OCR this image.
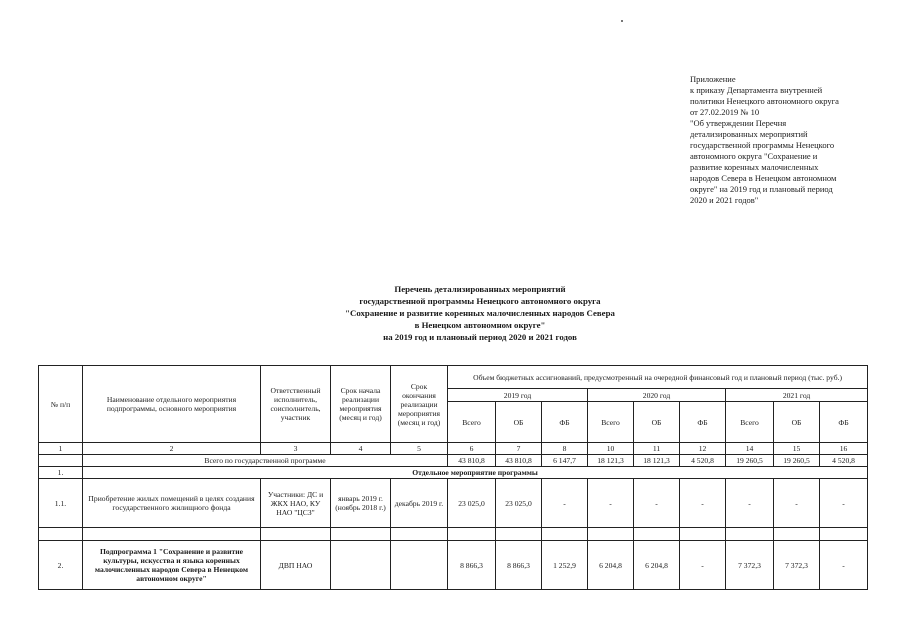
Приложение
к приказу Департамента внутренней
политики Ненецкого автономного округа
от 27.02.2019 № 10
"Об утверждении Перечня
детализированных мероприятий
государственной программы Ненецкого
автономного округа "Сохранение и
развитие коренных малочисленных
народов Севера в Ненецком автономном
округе" на 2019 год и плановый период
2020 и 2021 годов"
Перечень детализированных мероприятий
государственной программы Ненецкого автономного округа
"Сохранение и развитие коренных малочисленных народов Севера
в Ненецком автономном округе"
на 2019 год и плановый период 2020 и 2021 годов
№ п/п	Наименование отдельного мероприятия подпрограммы, основного мероприятия	Ответственный исполнитель, соисполнитель, участник	Срок начала реализации мероприятия (месяц и год)	Срок окончания реализации мероприятия (месяц и год)	Объем бюджетных ассигнований, предусмотренный на очередной финансовый год и плановый период (тыс. руб.)								
					2019 год			2020 год			2021 год		
					Всего	ОБ	ФБ	Всего	ОБ	ФБ	Всего	ОБ	ФБ
1	2	3	4	5	6	7	8	10	11	12	14	15	16
	Всего по государственной программе				43 810,8	43 810,8	6 147,7	18 121,3	18 121,3	4 520,8	19 260,5	19 260,5	4 520,8
1.	Отдельное мероприятие программы												
1.1.	Приобретение жилых помещений в целях создания государственного жилищного фонда	Участники: ДС и ЖКХ НАО, КУ НАО "ЦСЗ"	январь 2019 г. (ноябрь 2018 г.)	декабрь 2019 г.	23 025,0	23 025,0	-	-	-	-	-	-	-

2.	Подпрограмма 1 "Сохранение и развитие культуры, искусства и языка коренных малочисленных народов Севера в Ненецком автономном округе"	ДВП НАО			8 866,3	8 866,3	1 252,9	6 204,8	6 204,8	-	7 372,3	7 372,3	-
